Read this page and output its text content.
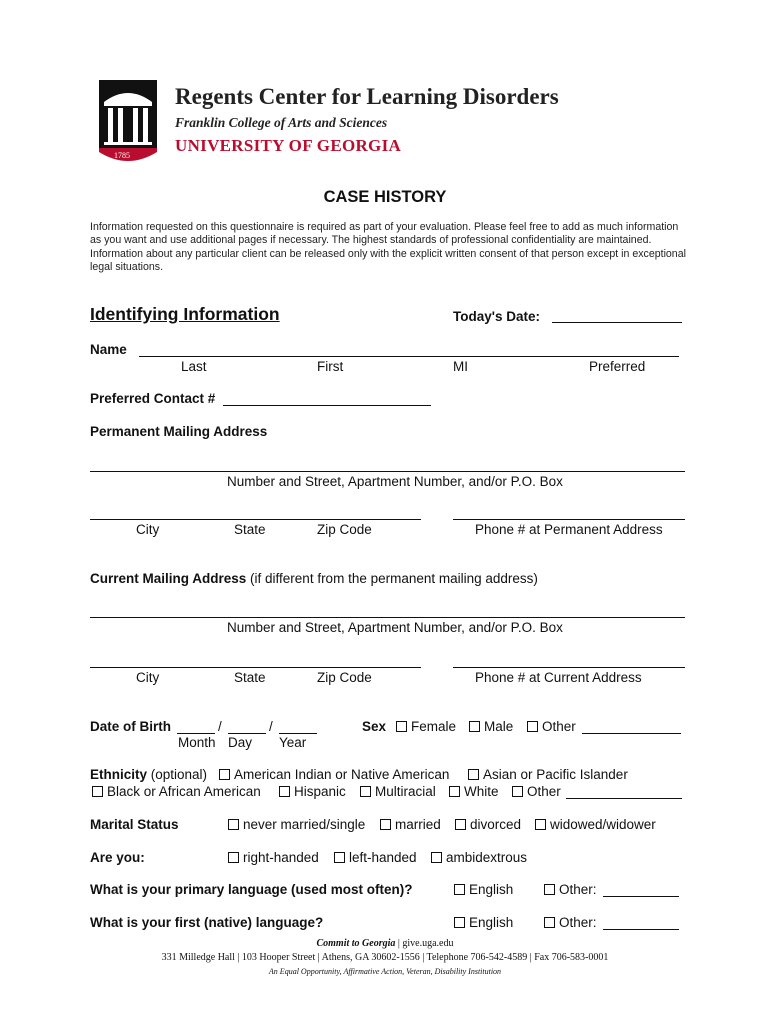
1785
Regents Center for Learning Disorders
Franklin College of Arts and Sciences
UNIVERSITY OF GEORGIA
CASE HISTORY
Information requested on this questionnaire is required as part of your evaluation. Please feel free to add as much information as you want and use additional pages if necessary. The highest standards of professional confidentiality are maintained. Information about any particular client can be released only with the explicit written consent of that person except in exceptional legal situations.
Identifying Information	Today's Date:
Name
Last	First	MI	Preferred
Preferred Contact #
Permanent Mailing Address
Number and Street, Apartment Number, and/or P.O. Box
City	State	Zip Code	Phone # at Permanent Address
Current Mailing Address (if different from the permanent mailing address)
Number and Street, Apartment Number, and/or P.O. Box
City	State	Zip Code	Phone # at Current Address
Date of Birth	/	/
Month Day Year
Sex	Female	Male	Other
Ethnicity (optional)	American Indian or Native American	Asian or Pacific Islander
Black or African American	Hispanic	Multiracial	White	Other
Marital Status	never married/single	married	divorced	widowed/widower
Are you:	right-handed	left-handed	ambidextrous
What is your primary language (used most often)?	English	Other:
What is your first (native) language?	English	Other:
Commit to Georgia | give.uga.edu
331 Milledge Hall | 103 Hooper Street | Athens, GA 30602-1556 | Telephone 706-542-4589 | Fax 706-583-0001
An Equal Opportunity, Affirmative Action, Veteran, Disability Institution
